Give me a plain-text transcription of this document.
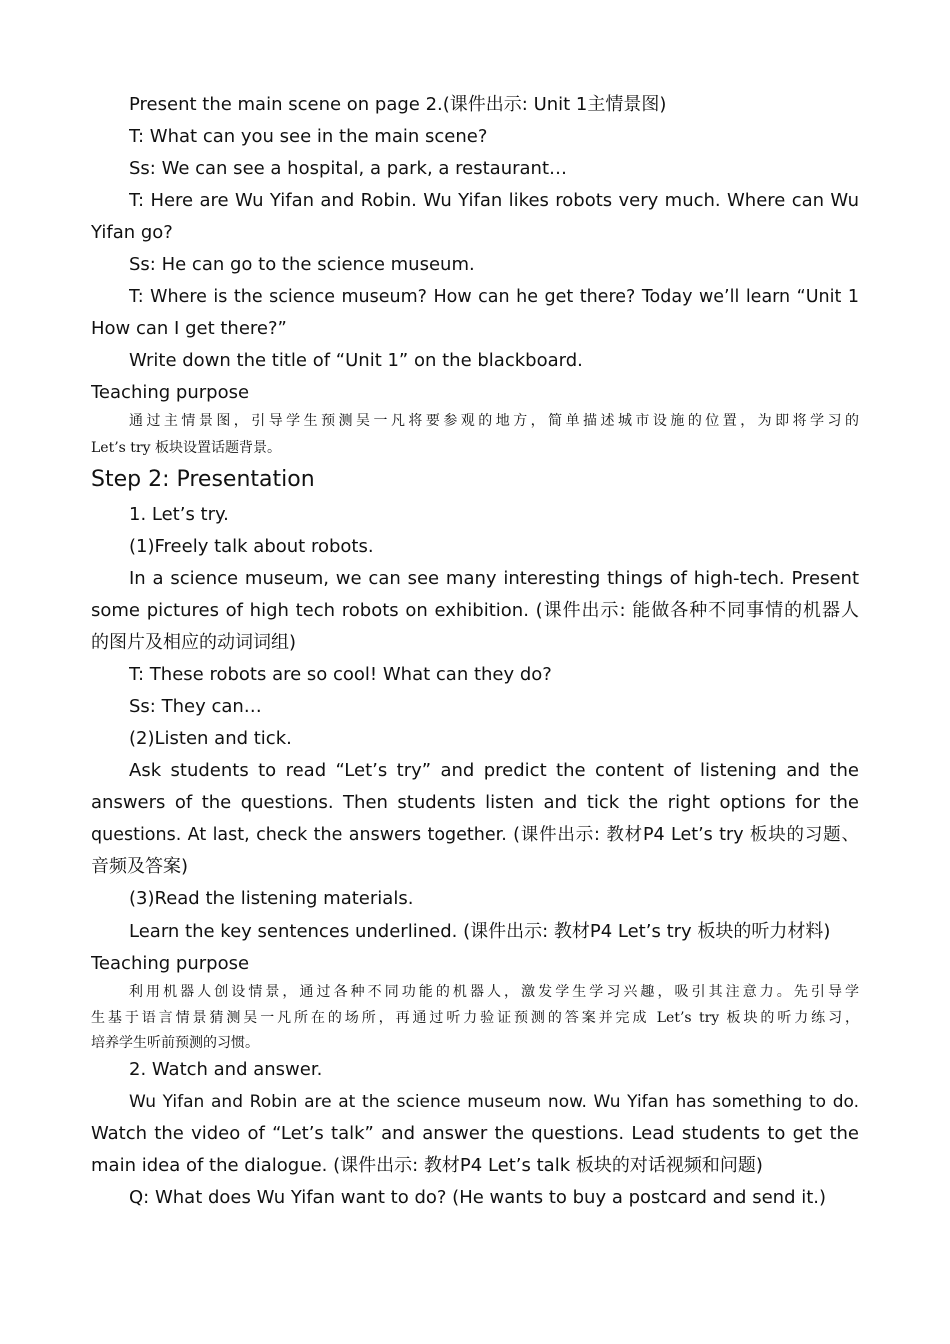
Present the main scene on page 2.(课件出示: Unit 1主情景图)
T: What can you see in the main scene?
Ss: We can see a hospital, a park, a restaurant…
T: Here are Wu Yifan and Robin. Wu Yifan likes robots very much. Where can Wu
Yifan go?
Ss: He can go to the science museum.
T: Where is the science museum? How can he get there? Today we’ll learn “Unit 1
How can I get there?”
Write down the title of “Unit 1” on the blackboard.
Teaching purpose
通过主情景图，引导学生预测吴一凡将要参观的地方，简单描述城市设施的位置，为即将学习的
Let’s try 板块设置话题背景。
Step 2: Presentation
1. Let’s try.
(1)Freely talk about robots.
In a science museum, we can see many interesting things of high-tech. Present
some pictures of high tech robots on exhibition. (课件出示: 能做各种不同事情的机器人
的图片及相应的动词词组)
T: These robots are so cool! What can they do?
Ss: They can…
(2)Listen and tick.
Ask students to read “Let’s try” and predict the content of listening and the
answers of the questions. Then students listen and tick the right options for the
questions. At last, check the answers together. (课件出示: 教材P4 Let’s try 板块的习题、
音频及答案)
(3)Read the listening materials.
Learn the key sentences underlined. (课件出示: 教材P4 Let’s try 板块的听力材料)
Teaching purpose
利用机器人创设情景，通过各种不同功能的机器人，激发学生学习兴趣，吸引其注意力。先引导学
生基于语言情景猜测吴一凡所在的场所，再通过听力验证预测的答案并完成 Let’s try 板块的听力练习，
培养学生听前预测的习惯。
2. Watch and answer.
Wu Yifan and Robin are at the science museum now. Wu Yifan has something to do.
Watch the video of “Let’s talk” and answer the questions. Lead students to get the
main idea of the dialogue. (课件出示: 教材P4 Let’s talk 板块的对话视频和问题)
Q: What does Wu Yifan want to do? (He wants to buy a postcard and send it.)
